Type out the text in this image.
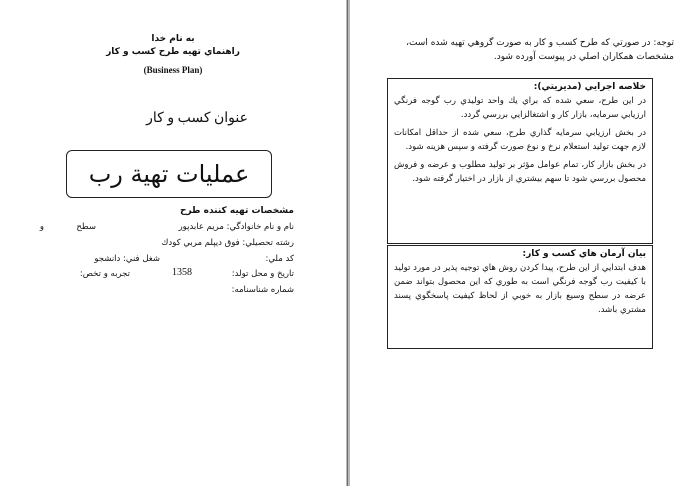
به نام خدا
راهنماي تهيه طرح كسب و كار
(Business Plan)
عنوان كسب و كار
عمليات تهية رب
مشخصات تهيه كننده طرح
نام و نام خانوادگي: مريم عابدپور
سطح
و
رشته تحصيلي: فوق ديپلم مربي كودك
كد ملي:
شغل فني: دانشجو
تاريخ و محل تولد:
1358
تجربه و تخص:
شماره شناسنامه:
توجه: در صورتي كه طرح كسب و كار به صورت گروهي تهيه شده است، مشخصات همكاران اصلي در پيوست آورده شود.
خلاصه اجرايي (مديريتي):
در اين طرح، سعي شده كه براي يك واحد توليدي رب گوجه فرنگي ارزيابي سرمايه، بازار كار و اشتغالزايي بررسي گردد.
در بخش ارزيابي سرمايه گذاري طرح، سعي شده از حداقل امكانات لازم جهت توليد استعلام نرخ و نوع صورت گرفته و سپس هزينه شود.
در بخش بازار كار، تمام عوامل مؤثر بر توليد مطلوب و عرضه و فروش محصول بررسي شود تا سهم بيشتري از بازار در اختيار گرفته شود.
بيان آرمان هاي كسب و كار:
هدف ابتدايي از اين طرح، پيدا كردن روش هاي توجيه پذير در مورد توليد با كيفيت رب گوجه فرنگي است به طوري كه اين محصول بتواند ضمن عرضه در سطح وسيع بازار به خوبي از لحاظ كيفيت پاسخگوي پسند مشتري باشد.
